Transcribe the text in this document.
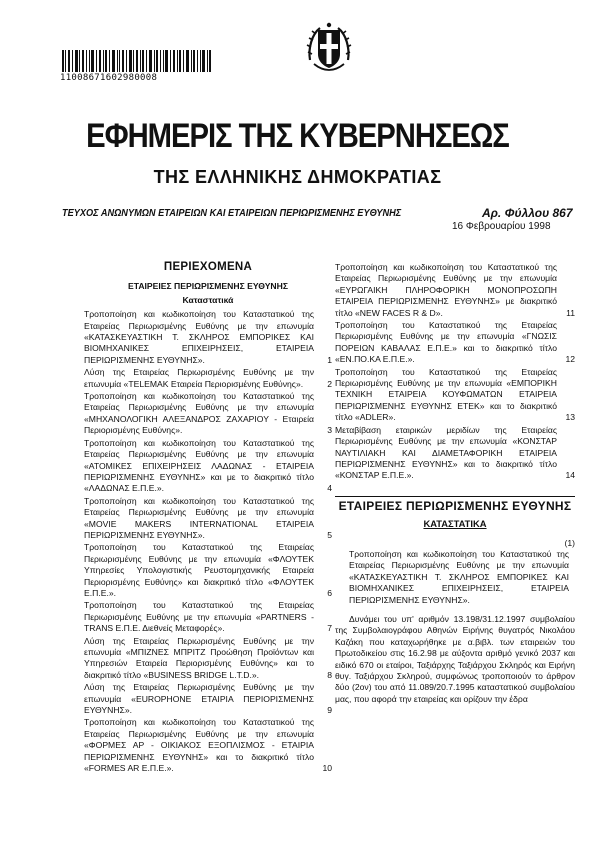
11008671602980008
ΕΦΗΜΕΡΙΣ ΤΗΣ ΚΥΒΕΡΝΗΣΕΩΣ
ΤΗΣ ΕΛΛΗΝΙΚΗΣ ΔΗΜΟΚΡΑΤΙΑΣ
ΤΕΥΧΟΣ ΑΝΩΝΥΜΩΝ ΕΤΑΙΡΕΙΩΝ ΚΑΙ ΕΤΑΙΡΕΙΩΝ ΠΕΡΙΩΡΙΣΜΕΝΗΣ ΕΥΘΥΝΗΣ	Αρ. Φύλλου 867
16 Φεβρουαρίου 1998
ΠΕΡΙΕΧΟΜΕΝΑ
ΕΤΑΙΡΕΙΕΣ ΠΕΡΙΩΡΙΣΜΕΝΗΣ ΕΥΘΥΝΗΣ
Καταστατικά
Τροποποίηση και κωδικοποίηση του Καταστατικού της Εταιρείας Περιωρισμένης Ευθύνης με την επωνυμία «ΚΑΤΑΣΚΕΥΑΣΤΙΚΗ Τ. ΣΚΛΗΡΟΣ ΕΜΠΟΡΙΚΕΣ ΚΑΙ ΒΙΟΜΗΧΑΝΙΚΕΣ ΕΠΙΧΕΙΡΗΣΕΙΣ, ΕΤΑΙΡΕΙΑ ΠΕΡΙΩΡΙΣΜΕΝΗΣ ΕΥΘΥΝΗΣ».	1
Λύση της Εταιρείας Περιωρισμένης Ευθύνης με την επωνυμία «TELEMAK Εταιρεία Περιορισμένης Ευθύνης».	2
Τροποποίηση και κωδικοποίηση του Καταστατικού της Εταιρείας Περιωρισμένης Ευθύνης με την επωνυμία «ΜΗΧΑΝΟΛΟΓΙΚΗ ΑΛΕΞΑΝΔΡΟΣ ΖΑΧΑΡΙΟΥ - Εταιρεία Περιορισμένης Ευθύνης».	3
Τροποποίηση και κωδικοποίηση του Καταστατικού της Εταιρείας Περιωρισμένης Ευθύνης με την επωνυμία «ΑΤΟΜΙΚΕΣ ΕΠΙΧΕΙΡΗΣΕΙΣ ΛΑΔΩΝΑΣ - ΕΤΑΙΡΕΙΑ ΠΕΡΙΩΡΙΣΜΕΝΗΣ ΕΥΘΥΝΗΣ» και με το διακριτικό τίτλο «ΛΑΔΩΝΑΣ Ε.Π.Ε.».	4
Τροποποίηση και κωδικοποίηση του Καταστατικού της Εταιρείας Περιωρισμένης Ευθύνης με την επωνυμία «MOVIE MAKERS INTERNATIONAL ΕΤΑΙΡΕΙΑ ΠΕΡΙΩΡΙΣΜΕΝΗΣ ΕΥΘΥΝΗΣ».	5
Τροποποίηση του Καταστατικού της Εταιρείας Περιωρισμένης Ευθύνης με την επωνυμία «ΦΛΟΥΤΕΚ Υπηρεσίες Υπολογιστικής Ρευστομηχανικής Εταιρεία Περιορισμένης Ευθύνης» και διακριτικό τίτλο «ΦΛΟΥΤΕΚ Ε.Π.Ε.».	6
Τροποποίηση του Καταστατικού της Εταιρείας Περιωρισμένης Ευθύνης με την επωνυμία «PARTNERS - TRANS Ε.Π.Ε. Διεθνείς Μεταφορές».	7
Λύση της Εταιρείας Περιωρισμένης Ευθύνης με την επωνυμία «ΜΠΙΖΝΕΣ ΜΠΡΙΤΖ Προώθηση Προϊόντων και Υπηρεσιών Εταιρεία Περιορισμένης Ευθύνης» και το διακριτικό τίτλο «BUSINESS BRIDGE L.T.D.».	8
Λύση της Εταιρείας Περιωρισμένης Ευθύνης με την επωνυμία «EUROPHONE ΕΤΑΙΡΙΑ ΠΕΡΙΟΡΙΣΜΕΝΗΣ ΕΥΘΥΝΗΣ».	9
Τροποποίηση και κωδικοποίηση του Καταστατικού της Εταιρείας Περιωρισμένης Ευθύνης με την επωνυμία «ΦΟΡΜΕΣ ΑΡ - ΟΙΚΙΑΚΟΣ ΕΞΟΠΛΙΣΜΟΣ - ΕΤΑΙΡΙΑ ΠΕΡΙΩΡΙΣΜΕΝΗΣ ΕΥΘΥΝΗΣ» και το διακριτικό τίτλο «FORMES AR Ε.Π.Ε.».	10
Τροποποίηση και κωδικοποίηση του Καταστατικού της Εταιρείας Περιωρισμένης Ευθύνης με την επωνυμία «ΕΥΡΩΓΑΙΚΗ ΠΛΗΡΟΦΟΡΙΚΗ ΜΟΝΟΠΡΟΣΩΠΗ ΕΤΑΙΡΕΙΑ ΠΕΡΙΩΡΙΣΜΕΝΗΣ ΕΥΘΥΝΗΣ» με διακριτικό τίτλο «NEW FACES R & D».	11
Τροποποίηση του Καταστατικού της Εταιρείας Περιωρισμένης Ευθύνης με την επωνυμία «ΓΝΩΣΙΣ ΠΟΡΕΙΩΝ ΚΑΒΑΛΑΣ Ε.Π.Ε.» και το διακριτικό τίτλο «ΕΝ.ΠΟ.ΚΑ Ε.Π.Ε.».	12
Τροποποίηση του Καταστατικού της Εταιρείας Περιωρισμένης Ευθύνης με την επωνυμία «ΕΜΠΟΡΙΚΗ ΤΕΧΝΙΚΗ ΕΤΑΙΡΕΙΑ ΚΟΥΦΩΜΑΤΩΝ ΕΤΑΙΡΕΙΑ ΠΕΡΙΩΡΙΣΜΕΝΗΣ ΕΥΘΥΝΗΣ ΕΤΕΚ» και το διακριτικό τίτλο «ADLER».	13
Μεταβίβαση εταιρικών μεριδίων της Εταιρείας Περιωρισμένης Ευθύνης με την επωνυμία «ΚΟΝΣΤΑΡ ΝΑΥΤΙΛΙΑΚΗ ΚΑΙ ΔΙΑΜΕΤΑΦΟΡΙΚΗ ΕΤΑΙΡΕΙΑ ΠΕΡΙΩΡΙΣΜΕΝΗΣ ΕΥΘΥΝΗΣ» και το διακριτικό τίτλο «ΚΟΝΣΤΑΡ Ε.Π.Ε.».	14
ΕΤΑΙΡΕΙΕΣ ΠΕΡΙΩΡΙΣΜΕΝΗΣ ΕΥΘΥΝΗΣ
ΚΑΤΑΣΤΑΤΙΚΑ
(1)
Τροποποίηση και κωδικοποίηση του Καταστατικού της Εταιρείας Περιωρισμένης Ευθύνης με την επωνυμία «ΚΑΤΑΣΚΕΥΑΣΤΙΚΗ Τ. ΣΚΛΗΡΟΣ ΕΜΠΟΡΙΚΕΣ ΚΑΙ ΒΙΟΜΗΧΑΝΙΚΕΣ ΕΠΙΧΕΙΡΗΣΕΙΣ, ΕΤΑΙΡΕΙΑ ΠΕΡΙΩΡΙΣΜΕΝΗΣ ΕΥΘΥΝΗΣ».
Δυνάμει του υπ' αριθμόν 13.198/31.12.1997 συμβολαίου της Συμβολαιογράφου Αθηνών Ειρήνης θυγατρός Νικολάου Καζάκη που καταχωρήθηκε με α.βιβλ. των εταιρειών του Πρωτοδικείου στις 16.2.98 με αύξοντα αριθμό γενικό 2037 και ειδικό 670 οι εταίροι, Ταξιάρχης Ταξιάρχου Σκληρός και Ειρήνη θυγ. Ταξιάρχου Σκληρού, συμφώνως τροποποιούν το άρθρον δύο (2ον) του από 11.089/20.7.1995 καταστατικού συμβολαίου μας, που αφορά την εταιρείας και ορίζουν την έδρα
